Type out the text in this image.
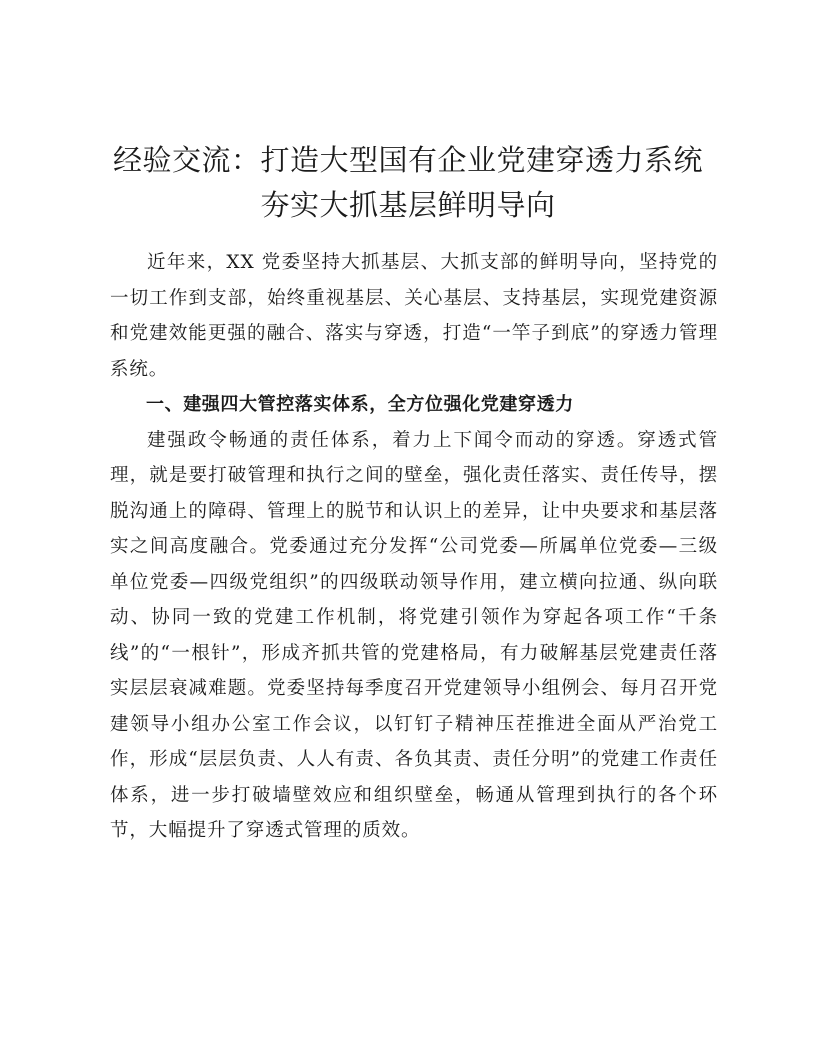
经验交流：打造大型国有企业党建穿透力系统
夯实大抓基层鲜明导向

近年来，XX 党委坚持大抓基层、大抓支部的鲜明导向，坚持党的一切工作到支部，始终重视基层、关心基层、支持基层，实现党建资源和党建效能更强的融合、落实与穿透，打造“一竿子到底”的穿透力管理系统。

一、建强四大管控落实体系，全方位强化党建穿透力

建强政令畅通的责任体系，着力上下闻令而动的穿透。穿透式管理，就是要打破管理和执行之间的壁垒，强化责任落实、责任传导，摆脱沟通上的障碍、管理上的脱节和认识上的差异，让中央要求和基层落实之间高度融合。党委通过充分发挥“公司党委—所属单位党委—三级单位党委—四级党组织”的四级联动领导作用，建立横向拉通、纵向联动、协同一致的党建工作机制，将党建引领作为穿起各项工作“千条线”的“一根针”，形成齐抓共管的党建格局，有力破解基层党建责任落实层层衰减难题。党委坚持每季度召开党建领导小组例会、每月召开党建领导小组办公室工作会议，以钉钉子精神压茬推进全面从严治党工作，形成“层层负责、人人有责、各负其责、责任分明”的党建工作责任体系，进一步打破墙壁效应和组织壁垒，畅通从管理到执行的各个环节，大幅提升了穿透式管理的质效。
